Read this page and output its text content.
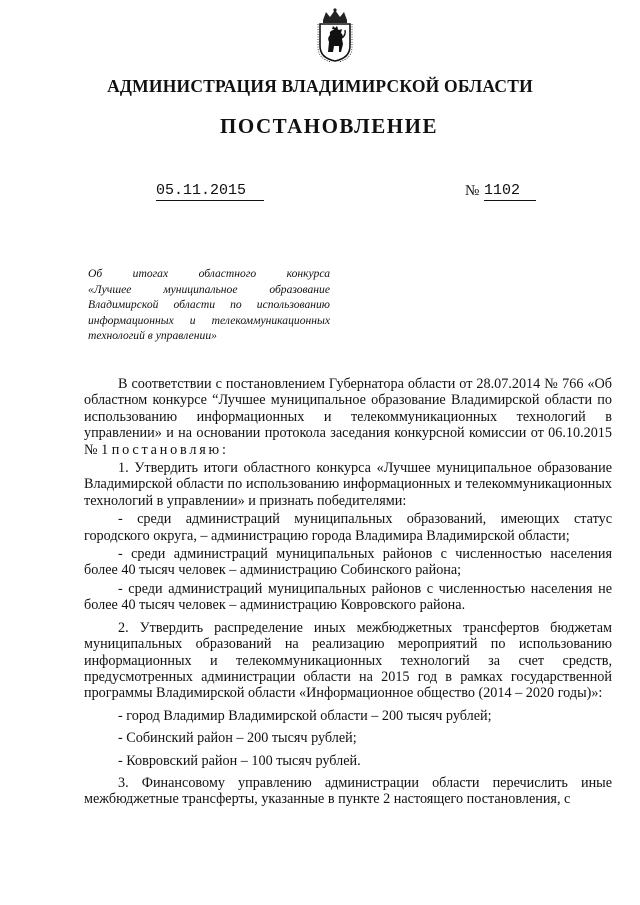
АДМИНИСТРАЦИЯ ВЛАДИМИРСКОЙ ОБЛАСТИ
ПОСТАНОВЛЕНИЕ
05.11.2015	№ 1102
Об итогах областного конкурса
«Лучшее муниципальное образование
Владимирской области по использованию
информационных и телекоммуникационных
технологий в управлении»
В соответствии с постановлением Губернатора области от 28.07.2014 № 766 «Об областном конкурсе “Лучшее муниципальное образование Владимирской области по использованию информационных и телекоммуникационных технологий в управлении» и на основании протокола заседания конкурсной комиссии от 06.10.2015 № 1 постановляю:
1. Утвердить итоги областного конкурса «Лучшее муниципальное образование Владимирской области по использованию информационных и телекоммуникационных технологий в управлении» и признать победителями:
- среди администраций муниципальных образований, имеющих статус городского округа, – администрацию города Владимира Владимирской области;
- среди администраций муниципальных районов с численностью населения более 40 тысяч человек – администрацию Собинского района;
- среди администраций муниципальных районов с численностью населения не более 40 тысяч человек – администрацию Ковровского района.
2. Утвердить распределение иных межбюджетных трансфертов бюджетам муниципальных образований на реализацию мероприятий по использованию информационных и телекоммуникационных технологий за счет средств, предусмотренных администрации области на 2015 год в рамках государственной программы Владимирской области «Информационное общество (2014 – 2020 годы)»:
- город Владимир Владимирской области – 200 тысяч рублей;
- Собинский район – 200 тысяч рублей;
- Ковровский район – 100 тысяч рублей.
3. Финансовому управлению администрации области перечислить иные межбюджетные трансферты, указанные в пункте 2 настоящего постановления, с
